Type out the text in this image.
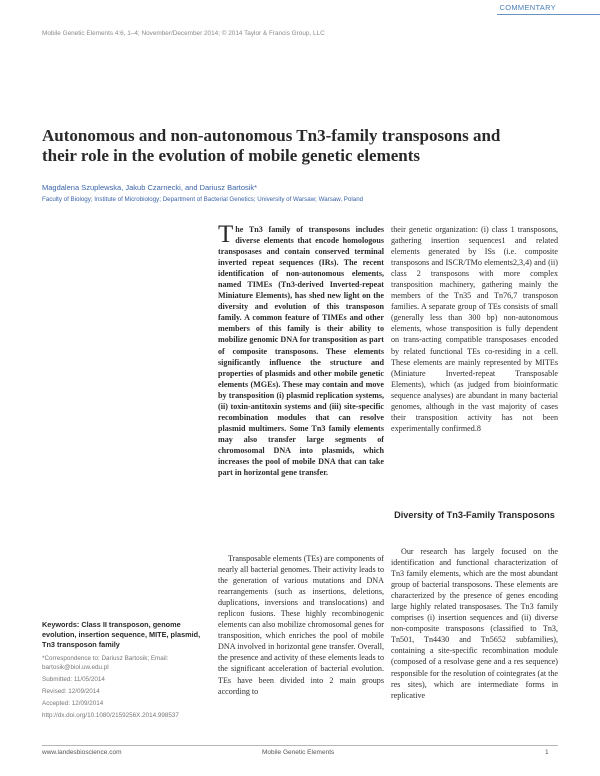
COMMENTARY
Mobile Genetic Elements 4:6, 1–4; November/December 2014; © 2014 Taylor & Francis Group, LLC
Autonomous and non-autonomous Tn3-family transposons and their role in the evolution of mobile genetic elements
Magdalena Szuplewska, Jakub Czarnecki, and Dariusz Bartosik*
Faculty of Biology; Institute of Microbiology; Department of Bacterial Genetics; University of Warsaw; Warsaw, Poland
The Tn3 family of transposons includes diverse elements that encode homologous transposases and contain conserved terminal inverted repeat sequences (IRs). The recent identification of non-autonomous elements, named TIMEs (Tn3-derived Inverted-repeat Miniature Elements), has shed new light on the diversity and evolution of this transposon family. A common feature of TIMEs and other members of this family is their ability to mobilize genomic DNA for transposition as part of composite transposons. These elements significantly influence the structure and properties of plasmids and other mobile genetic elements (MGEs). These may contain and move by transposition (i) plasmid replication systems, (ii) toxin-antitoxin systems and (iii) site-specific recombination modules that can resolve plasmid multimers. Some Tn3 family elements may also transfer large segments of chromosomal DNA into plasmids, which increases the pool of mobile DNA that can take part in horizontal gene transfer.

Transposable elements (TEs) are components of nearly all bacterial genomes. Their activity leads to the generation of various mutations and DNA rearrangements (such as insertions, deletions, duplications, inversions and translocations) and replicon fusions. These highly recombinogenic elements can also mobilize chromosomal genes for transposition, which enriches the pool of mobile DNA involved in horizontal gene transfer. Overall, the presence and activity of these elements leads to the significant acceleration of bacterial evolution. TEs have been divided into 2 main groups according to

their genetic organization: (i) class 1 transposons, gathering insertion sequences1 and related elements generated by ISs (i.e. composite transposons and ISCR/TMo elements2,3,4) and (ii) class 2 transposons with more complex transposition machinery, gathering mainly the members of the Tn35 and Tn76,7 transposon families. A separate group of TEs consists of small (generally less than 300 bp) non-autonomous elements, whose transposition is fully dependent on trans-acting compatible transposases encoded by related functional TEs co-residing in a cell. These elements are mainly represented by MITEs (Miniature Inverted-repeat Transposable Elements), which (as judged from bioinformatic sequence analyses) are abundant in many bacterial genomes, although in the vast majority of cases their transposition activity has not been experimentally confirmed.8

Diversity of Tn3-Family Transposons

Our research has largely focused on the identification and functional characterization of Tn3 family elements, which are the most abundant group of bacterial transposons. These elements are characterized by the presence of genes encoding large highly related transposases. The Tn3 family comprises (i) insertion sequences and (ii) diverse non-composite transposons (classified to Tn3, Tn501, Tn4430 and Tn5652 subfamilies), containing a site-specific recombination module (composed of a resolvase gene and a res sequence) responsible for the resolution of cointegrates (at the res sites), which are intermediate forms in replicative

Keywords: Class II transposon, genome evolution, insertion sequence, MITE, plasmid, Tn3 transposon family
*Correspondence to: Dariusz Bartosik; Email: bartosik@biol.uw.edu.pl
Submitted: 11/05/2014
Revised: 12/09/2014
Accepted: 12/09/2014
http://dx.doi.org/10.1080/2159256X.2014.998537
www.landesbioscience.com	Mobile Genetic Elements	1
